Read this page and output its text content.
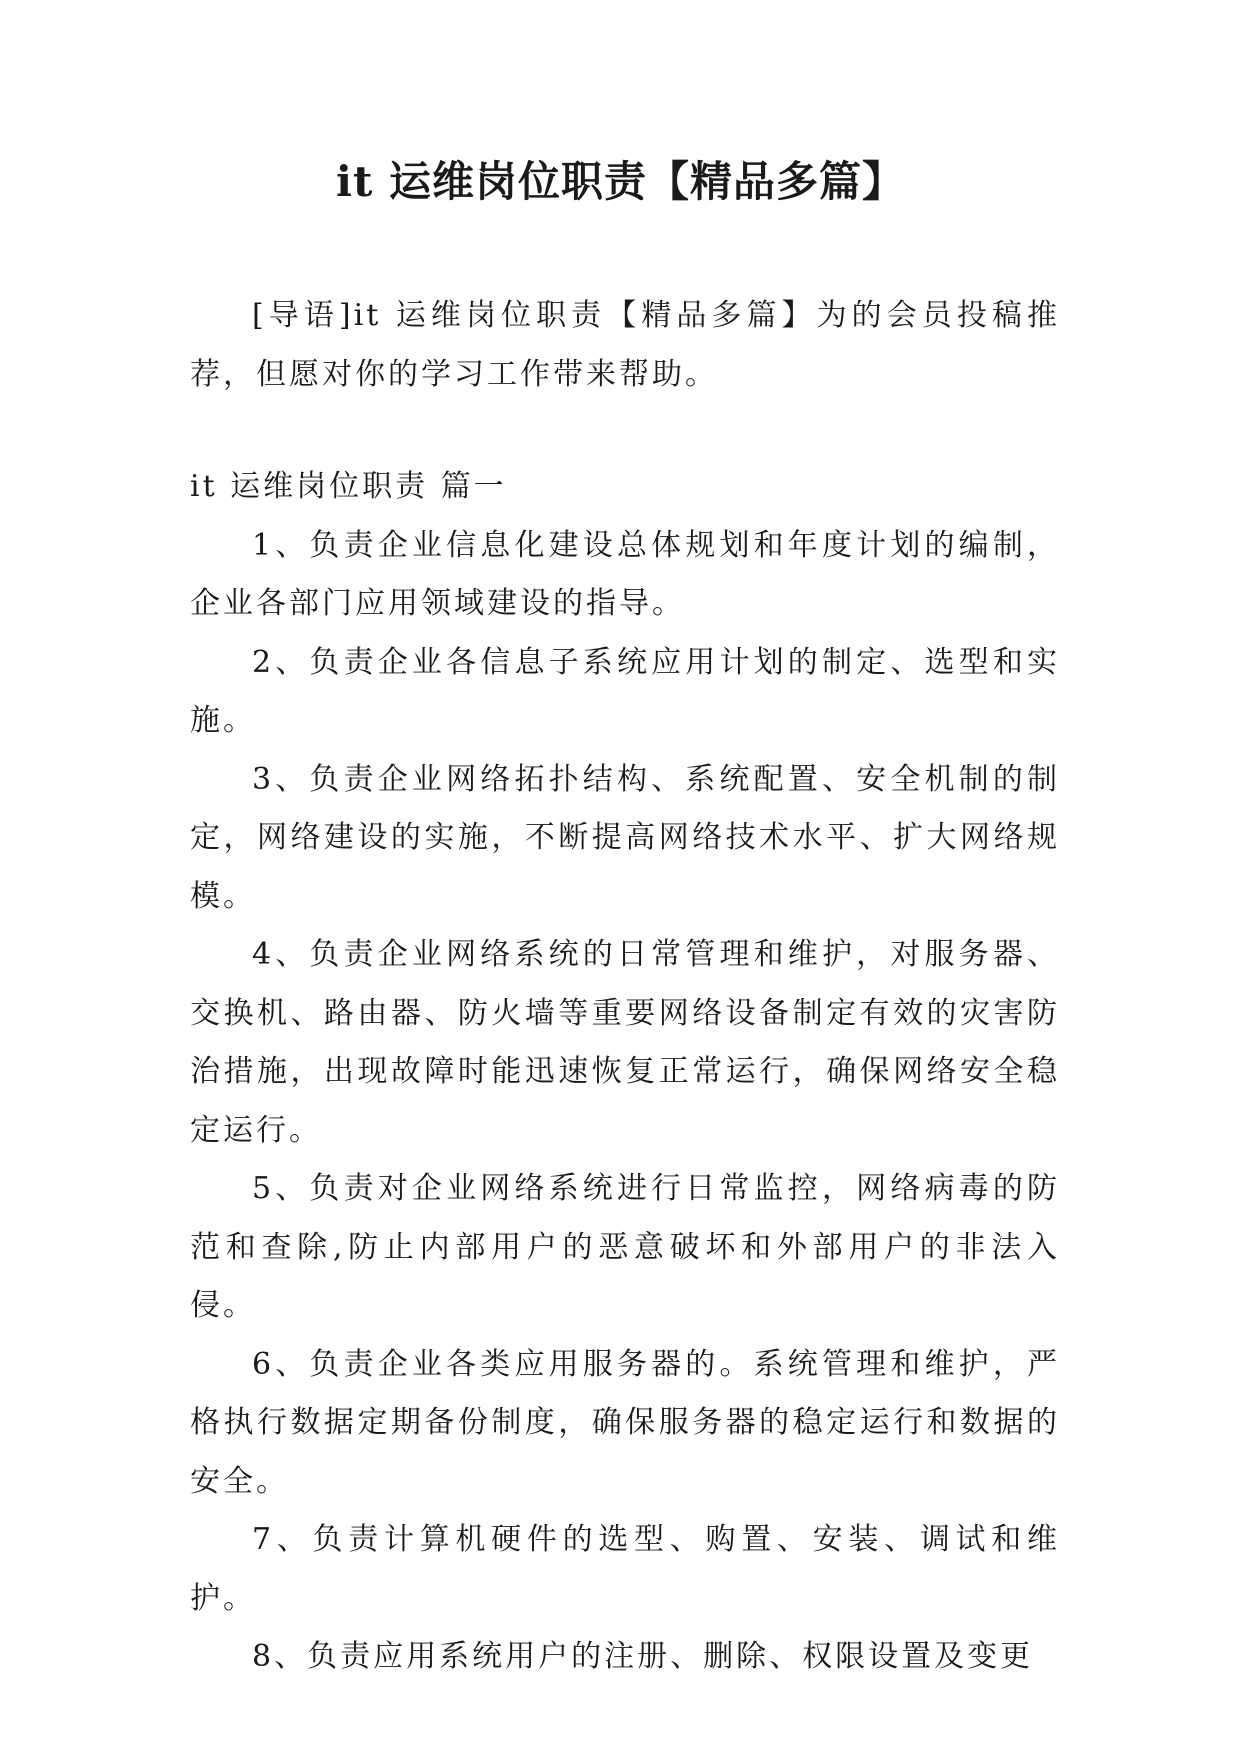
it 运维岗位职责【精品多篇】

[导语]it 运维岗位职责【精品多篇】为的会员投稿推荐，但愿对你的学习工作带来帮助。

it 运维岗位职责 篇一

1、负责企业信息化建设总体规划和年度计划的编制，企业各部门应用领域建设的指导。
2、负责企业各信息子系统应用计划的制定、选型和实施。
3、负责企业网络拓扑结构、系统配置、安全机制的制定，网络建设的实施，不断提高网络技术水平、扩大网络规模。
4、负责企业网络系统的日常管理和维护，对服务器、交换机、路由器、防火墙等重要网络设备制定有效的灾害防治措施，出现故障时能迅速恢复正常运行，确保网络安全稳定运行。
5、负责对企业网络系统进行日常监控，网络病毒的防范和查除,防止内部用户的恶意破坏和外部用户的非法入侵。
6、负责企业各类应用服务器的。系统管理和维护，严格执行数据定期备份制度，确保服务器的稳定运行和数据的安全。
7、负责计算机硬件的选型、购置、安装、调试和维护。
8、负责应用系统用户的注册、删除、权限设置及变更
